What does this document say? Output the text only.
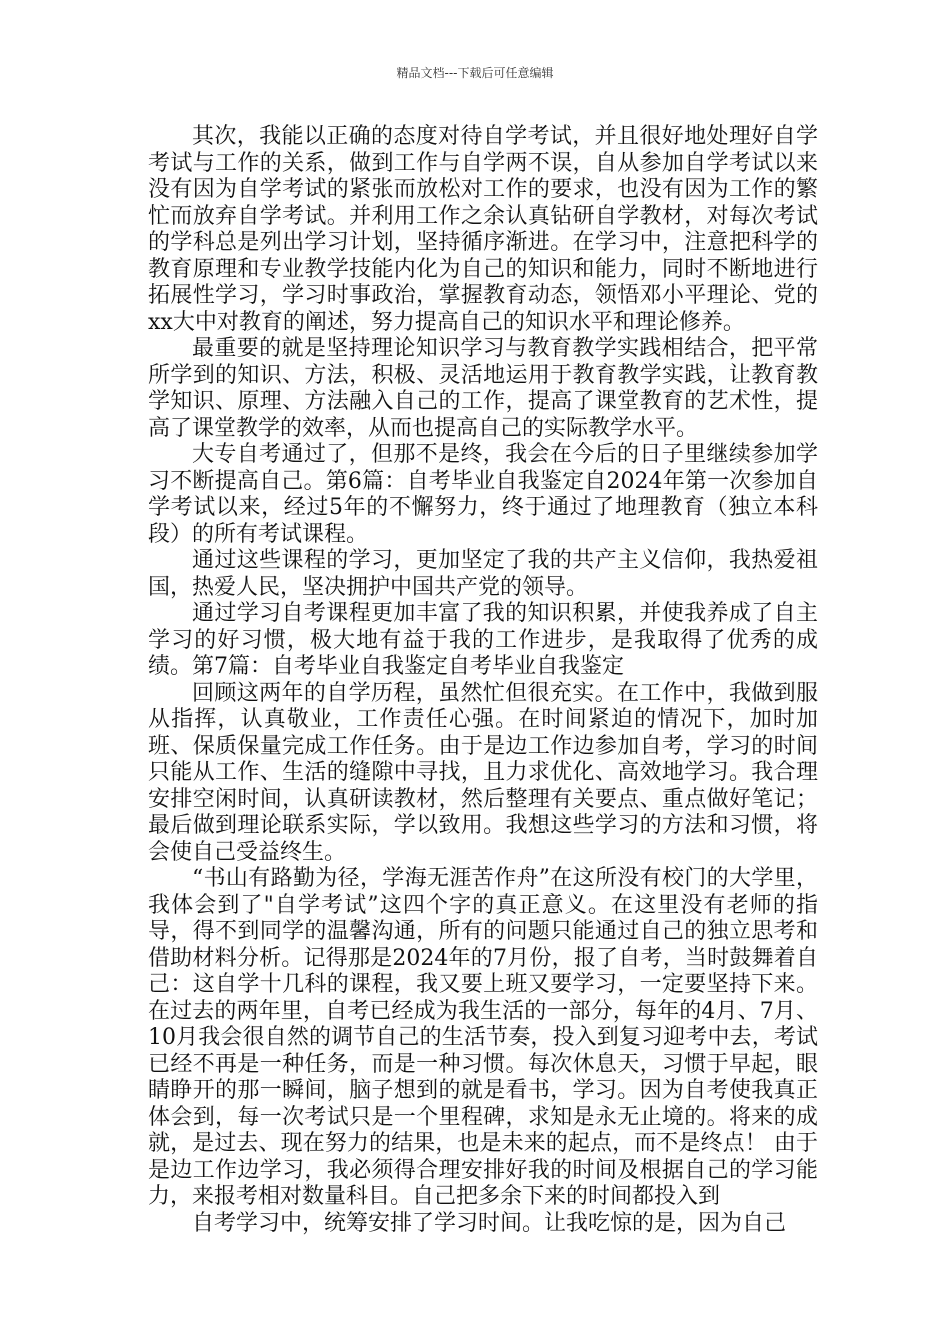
精品文档---下载后可任意编辑

其次，我能以正确的态度对待自学考试，并且很好地处理好自学考试与工作的关系，做到工作与自学两不误，自从参加自学考试以来没有因为自学考试的紧张而放松对工作的要求，也没有因为工作的繁忙而放弃自学考试。并利用工作之余认真钻研自学教材，对每次考试的学科总是列出学习计划，坚持循序渐进。在学习中，注意把科学的教育原理和专业教学技能内化为自己的知识和能力，同时不断地进行拓展性学习，学习时事政治，掌握教育动态，领悟邓小平理论、党的xx大中对教育的阐述，努力提高自己的知识水平和理论修养。

最重要的就是坚持理论知识学习与教育教学实践相结合，把平常所学到的知识、方法，积极、灵活地运用于教育教学实践，让教育教学知识、原理、方法融入自己的工作，提高了课堂教育的艺术性，提高了课堂教学的效率，从而也提高自己的实际教学水平。

大专自考通过了，但那不是终，我会在今后的日子里继续参加学习不断提高自己。第6篇：自考毕业自我鉴定自2024年第一次参加自学考试以来，经过5年的不懈努力，终于通过了地理教育（独立本科段）的所有考试课程。

通过这些课程的学习，更加坚定了我的共产主义信仰，我热爱祖国，热爱人民，坚决拥护中国共产党的领导。

通过学习自考课程更加丰富了我的知识积累，并使我养成了自主学习的好习惯，极大地有益于我的工作进步，是我取得了优秀的成绩。第7篇：自考毕业自我鉴定自考毕业自我鉴定

回顾这两年的自学历程，虽然忙但很充实。在工作中，我做到服从指挥，认真敬业，工作责任心强。在时间紧迫的情况下，加时加班、保质保量完成工作任务。由于是边工作边参加自考，学习的时间只能从工作、生活的缝隙中寻找，且力求优化、高效地学习。我合理安排空闲时间，认真研读教材，然后整理有关要点、重点做好笔记；最后做到理论联系实际，学以致用。我想这些学习的方法和习惯，将会使自己受益终生。

“书山有路勤为径，学海无涯苦作舟”在这所没有校门的大学里，我体会到了"自学考试”这四个字的真正意义。在这里没有老师的指导，得不到同学的温馨沟通，所有的问题只能通过自己的独立思考和借助材料分析。记得那是2024年的7月份，报了自考，当时鼓舞着自己：这自学十几科的课程，我又要上班又要学习，一定要坚持下来。 在过去的两年里，自考已经成为我生活的一部分，每年的4月、7月、10月我会很自然的调节自己的生活节奏，投入到复习迎考中去，考试已经不再是一种任务，而是一种习惯。每次休息天，习惯于早起，眼睛睁开的那一瞬间，脑子想到的就是看书，学习。因为自考使我真正体会到，每一次考试只是一个里程碑，求知是永无止境的。将来的成就，是过去、现在努力的结果，也是未来的起点，而不是终点！ 由于是边工作边学习，我必须得合理安排好我的时间及根据自己的学习能力，来报考相对数量科目。自己把多余下来的时间都投入到

自考学习中，统筹安排了学习时间。让我吃惊的是，因为自己
